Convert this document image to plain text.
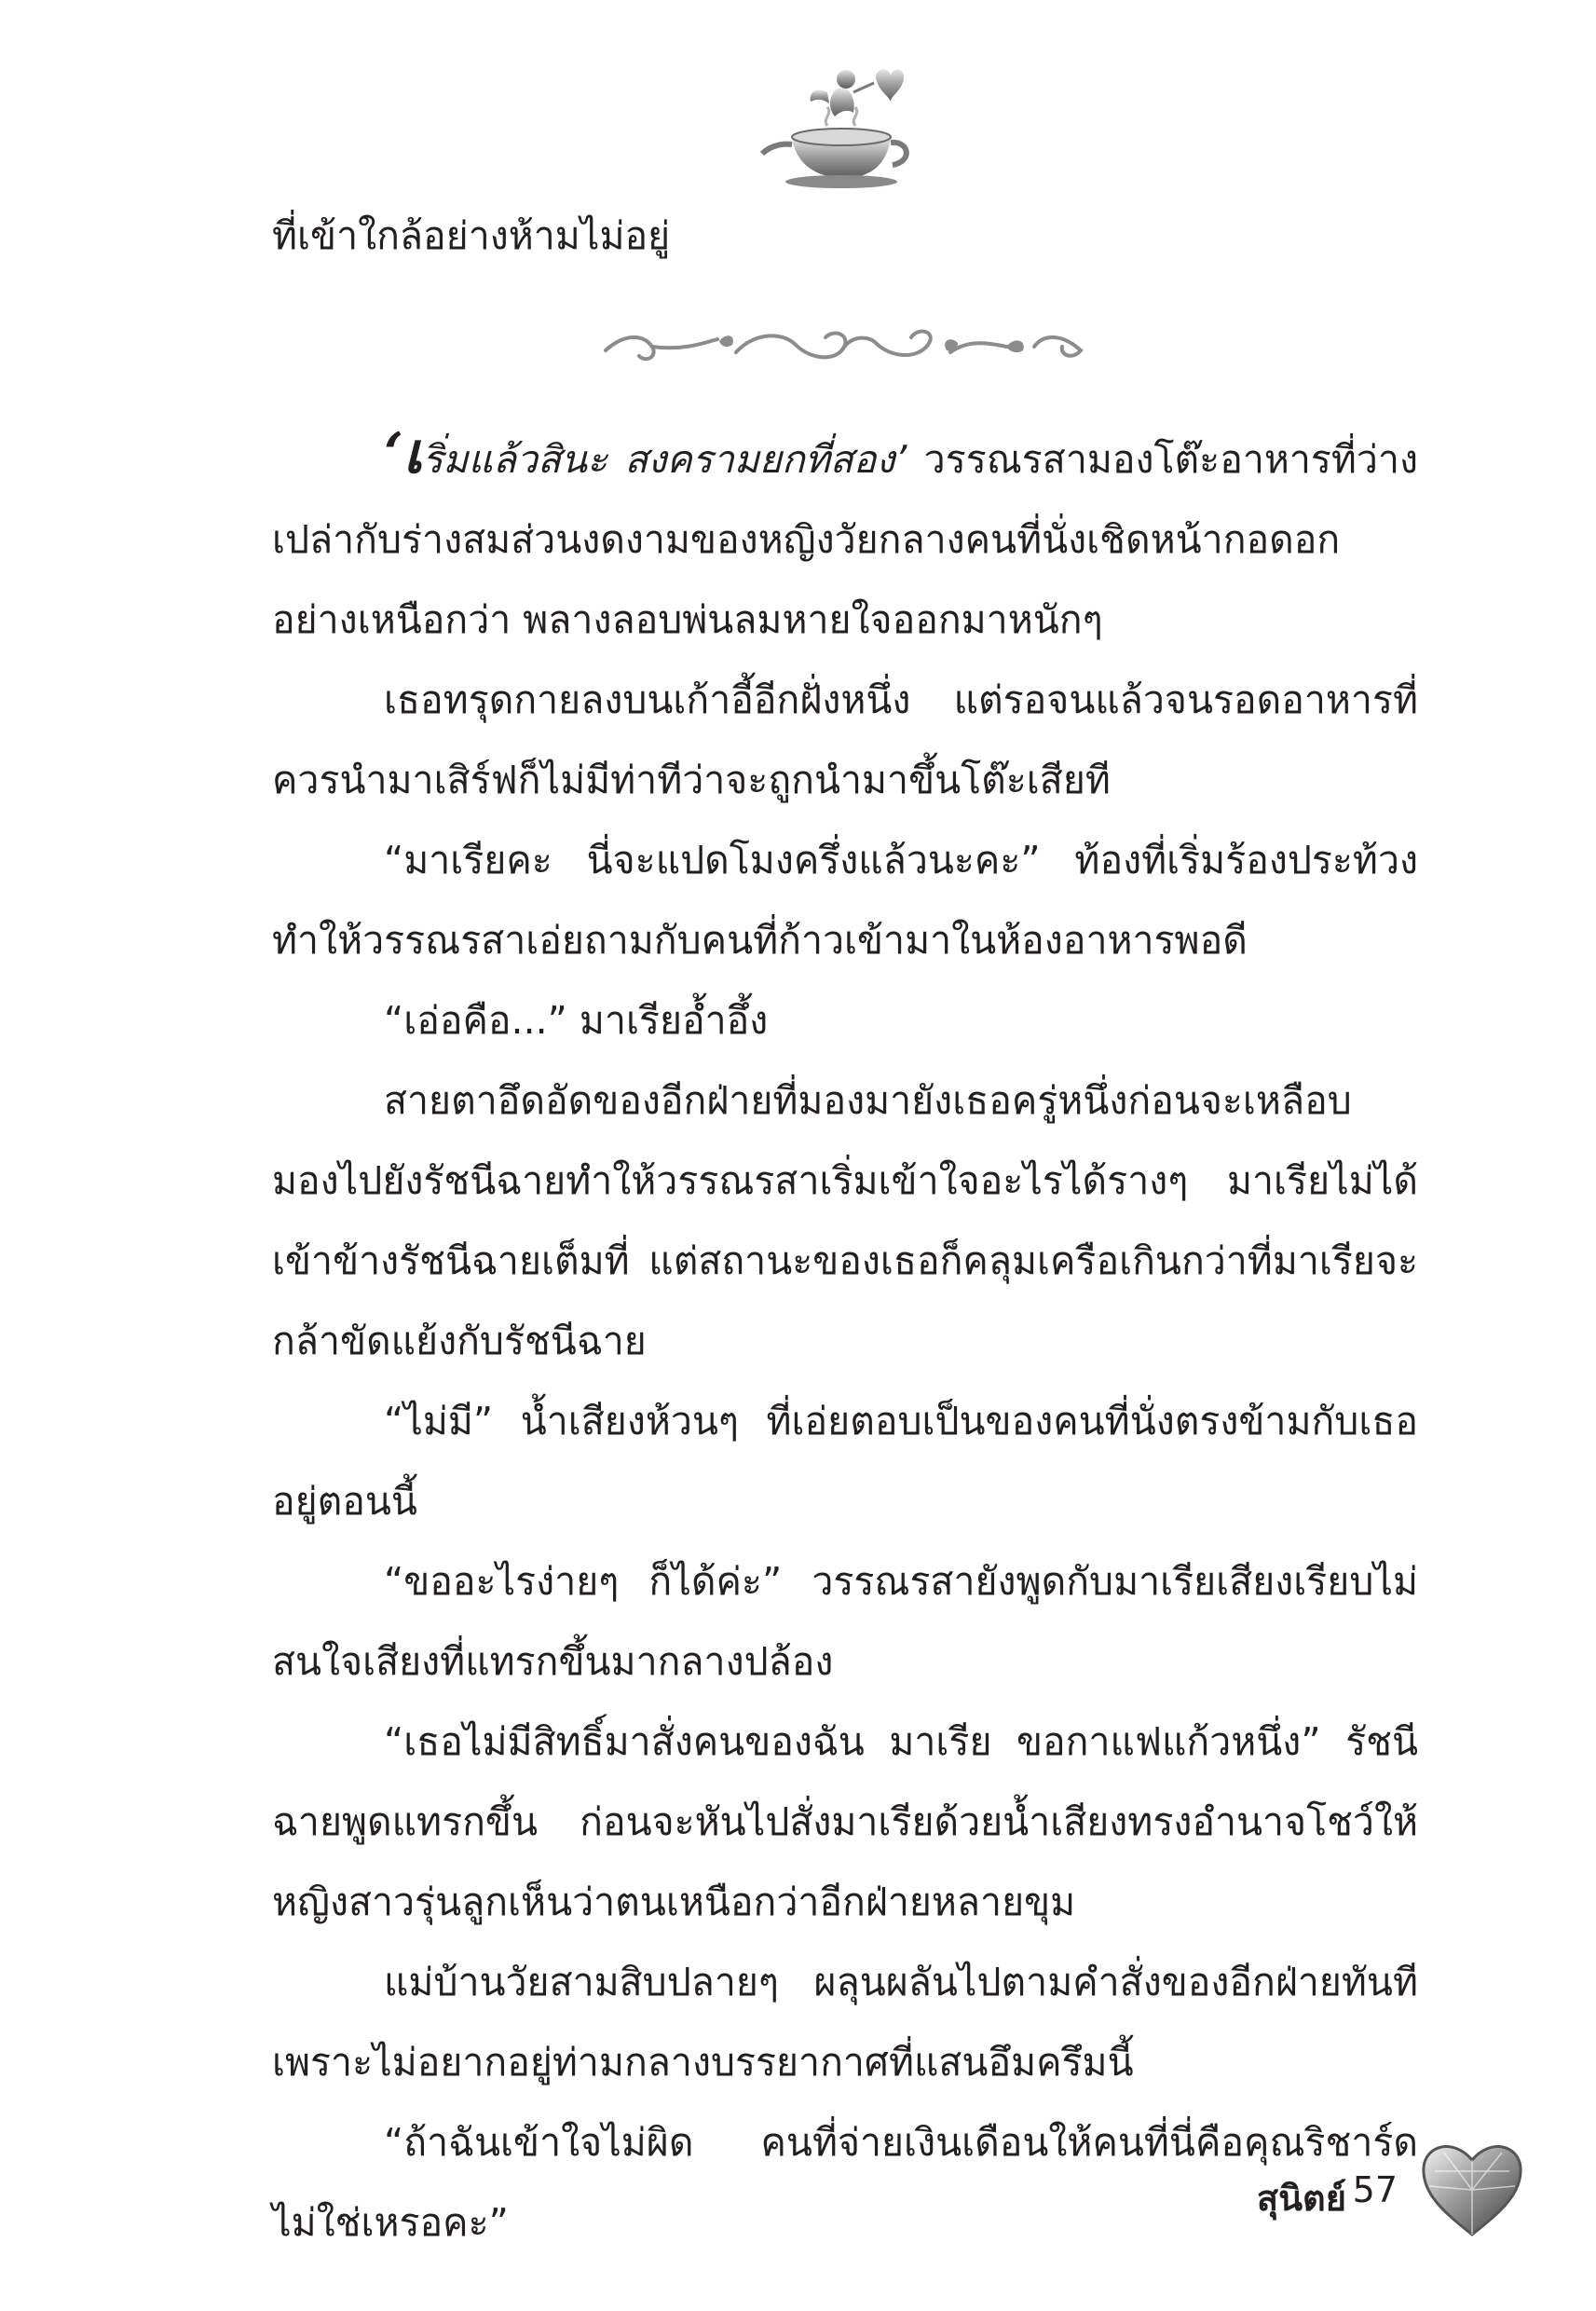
ที่เข้าใกล้อย่างห้ามไม่อยู่

‘เริ่มแล้วสินะ สงครามยกที่สอง’ วรรณรสามองโต๊ะอาหารที่ว่างเปล่ากับร่างสมส่วนงดงามของหญิงวัยกลางคนที่นั่งเชิดหน้ากอดอกอย่างเหนือกว่า พลางลอบพ่นลมหายใจออกมาหนักๆ

เธอทรุดกายลงบนเก้าอี้อีกฝั่งหนึ่ง แต่รอจนแล้วจนรอดอาหารที่ควรนำมาเสิร์ฟก็ไม่มีท่าทีว่าจะถูกนำมาขึ้นโต๊ะเสียที

“มาเรียคะ นี่จะแปดโมงครึ่งแล้วนะคะ” ท้องที่เริ่มร้องประท้วงทำให้วรรณรสาเอ่ยถามกับคนที่ก้าวเข้ามาในห้องอาหารพอดี

“เอ่อคือ...” มาเรียอ้ำอึ้ง

สายตาอึดอัดของอีกฝ่ายที่มองมายังเธอครู่หนึ่งก่อนจะเหลือบมองไปยังรัชนีฉายทำให้วรรณรสาเริ่มเข้าใจอะไรได้รางๆ มาเรียไม่ได้เข้าข้างรัชนีฉายเต็มที่ แต่สถานะของเธอก็คลุมเครือเกินกว่าที่มาเรียจะกล้าขัดแย้งกับรัชนีฉาย

“ไม่มี” น้ำเสียงห้วนๆ ที่เอ่ยตอบเป็นของคนที่นั่งตรงข้ามกับเธออยู่ตอนนี้

“ขออะไรง่ายๆ ก็ได้ค่ะ” วรรณรสายังพูดกับมาเรียเสียงเรียบไม่สนใจเสียงที่แทรกขึ้นมากลางปล้อง

“เธอไม่มีสิทธิ์มาสั่งคนของฉัน มาเรีย ขอกาแฟแก้วหนึ่ง” รัชนีฉายพูดแทรกขึ้น ก่อนจะหันไปสั่งมาเรียด้วยน้ำเสียงทรงอำนาจโชว์ให้หญิงสาวรุ่นลูกเห็นว่าตนเหนือกว่าอีกฝ่ายหลายขุม

แม่บ้านวัยสามสิบปลายๆ ผลุนผลันไปตามคำสั่งของอีกฝ่ายทันทีเพราะไม่อยากอยู่ท่ามกลางบรรยากาศที่แสนอึมครึมนี้

“ถ้าฉันเข้าใจไม่ผิด คนที่จ่ายเงินเดือนให้คนที่นี่คือคุณริชาร์ดไม่ใช่เหรอคะ”

สุนิตย์ 57
